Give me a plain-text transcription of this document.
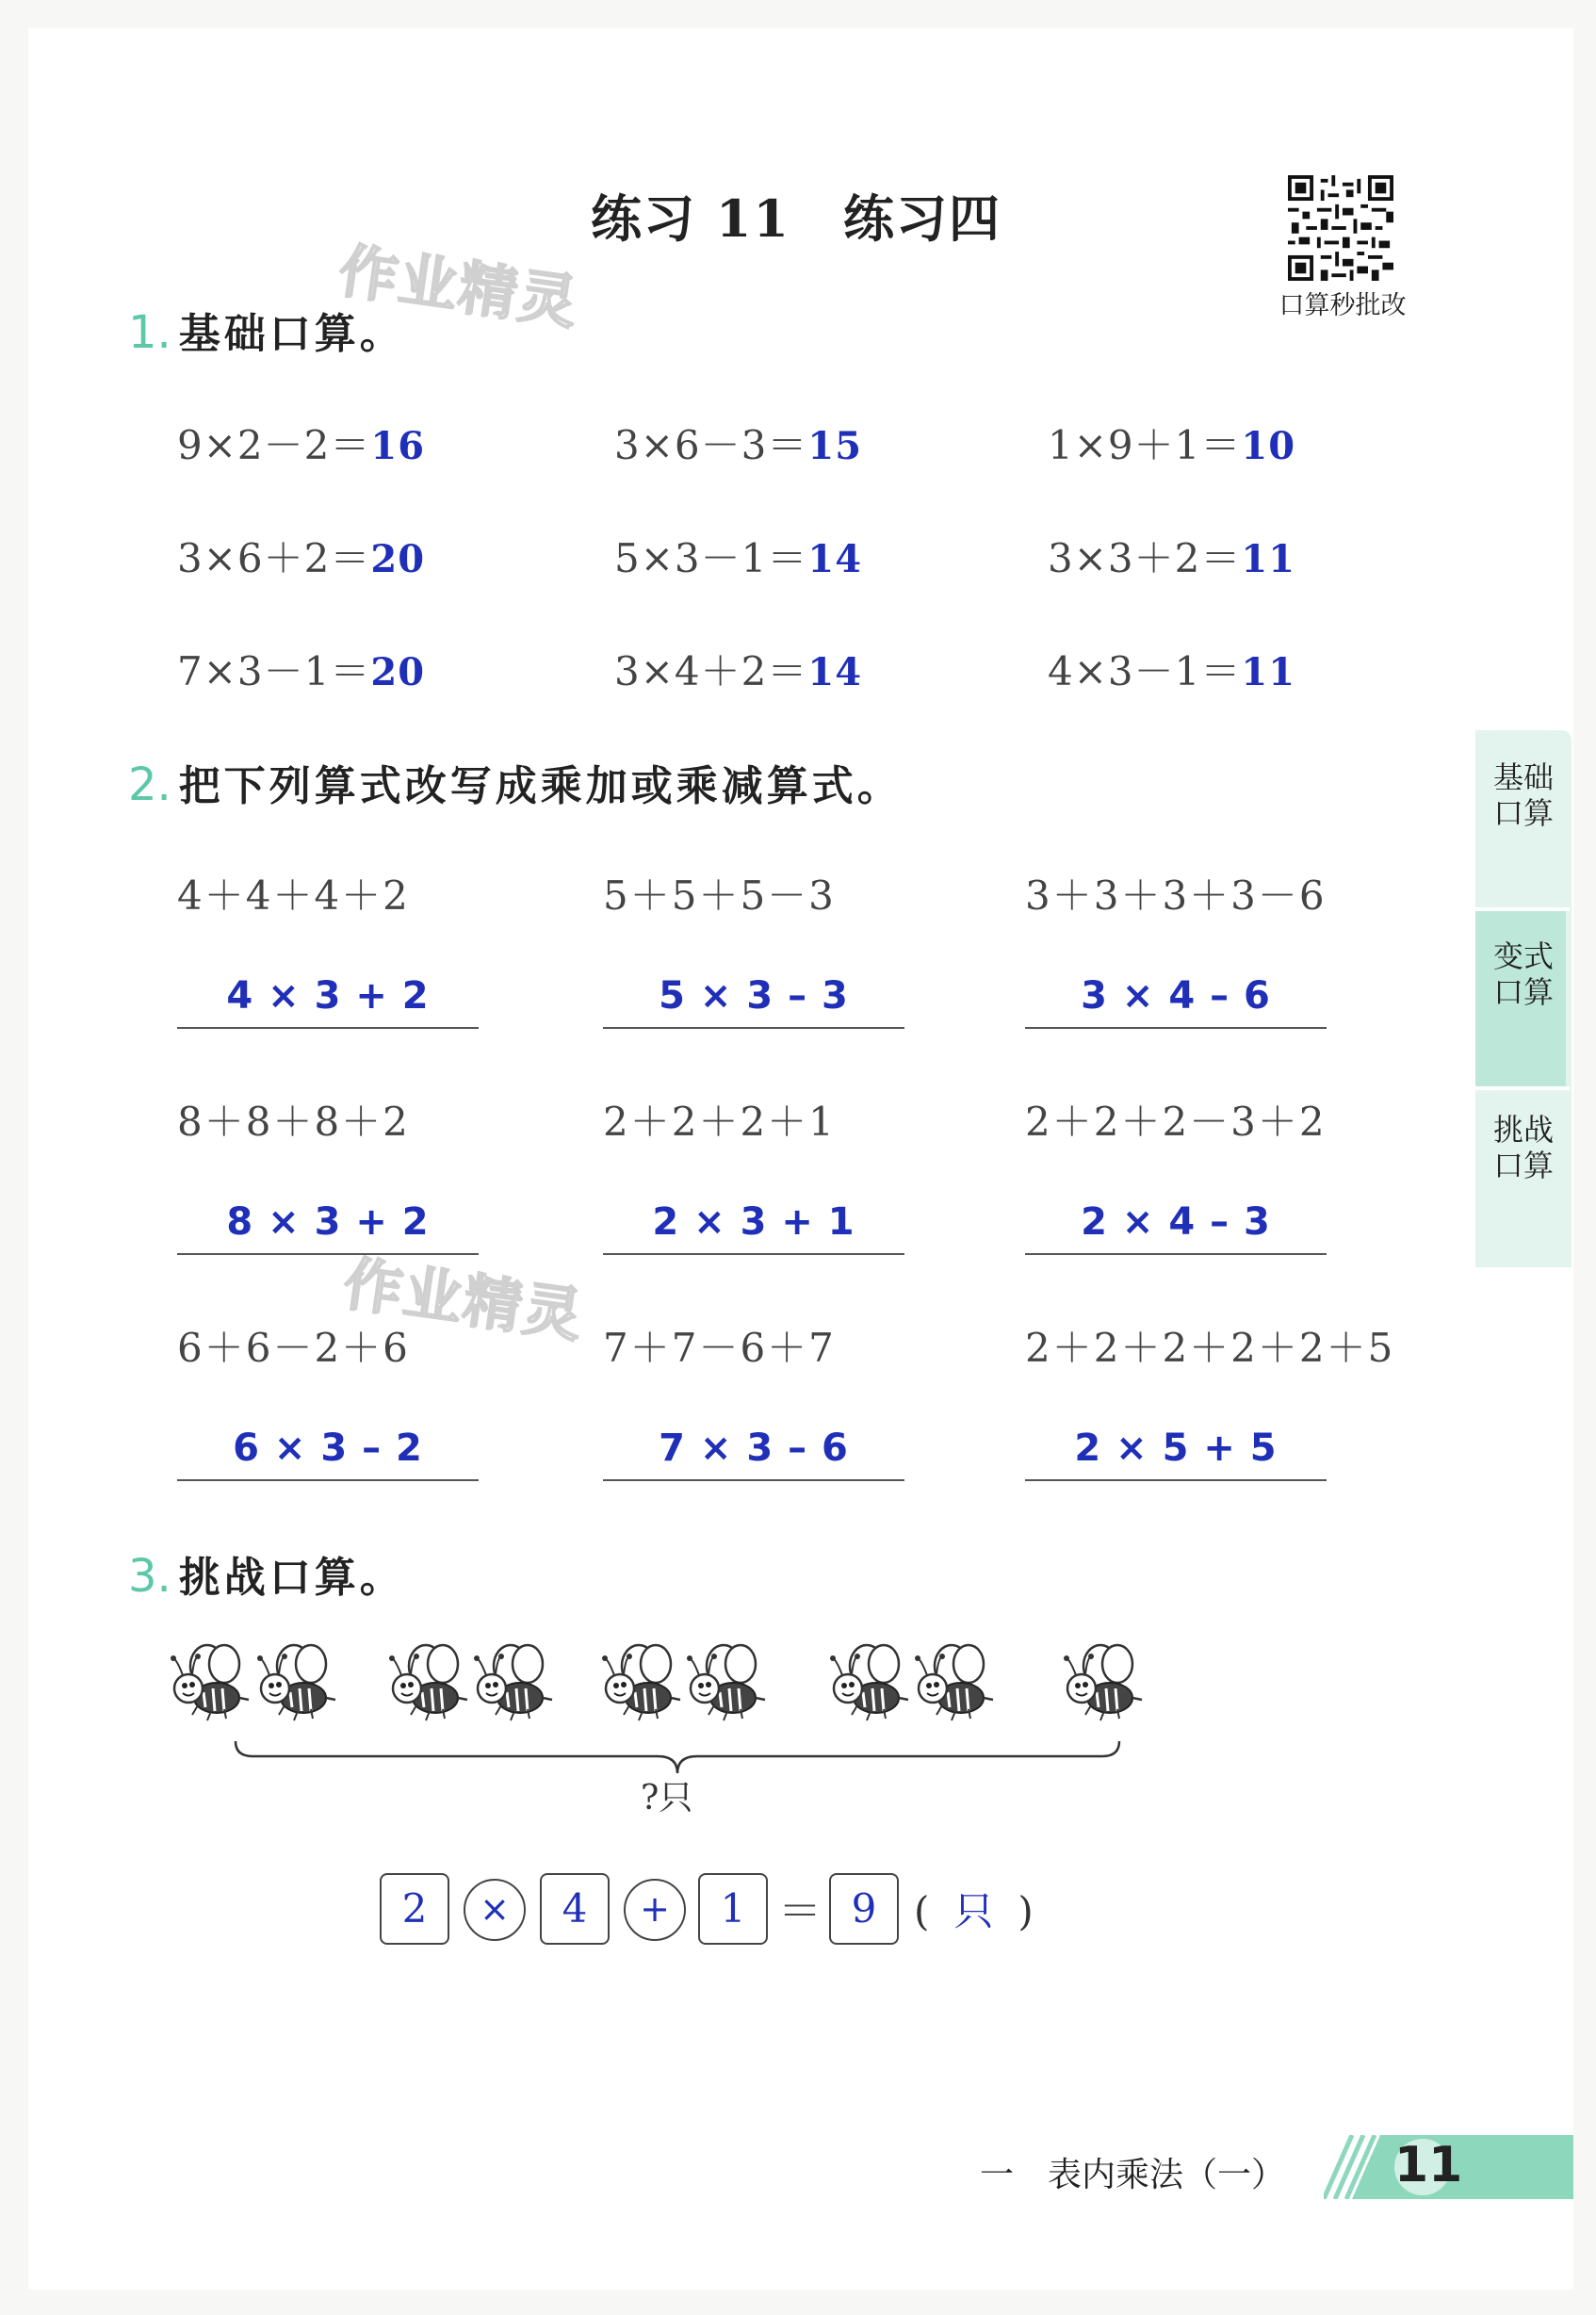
练习 11　练习四
口算秒批改
作业精灵
作业精灵
1. 基础口算。
9×2－2＝16	3×6－3＝15	1×9＋1＝10
3×6＋2＝20	5×3－1＝14	3×3＋2＝11
7×3－1＝20	3×4＋2＝14	4×3－1＝11
2. 把下列算式改写成乘加或乘减算式。
4＋4＋4＋2	5＋5＋5－3	3＋3＋3＋3－6
4 × 3 + 2	5 × 3 – 3	3 × 4 – 6
8＋8＋8＋2	2＋2＋2＋1	2＋2＋2－3＋2
8 × 3 + 2	2 × 3 + 1	2 × 4 – 3
6＋6－2＋6	7＋7－6＋7	2＋2＋2＋2＋2＋5
6 × 3 – 2	7 × 3 – 6	2 × 5 + 5
3. 挑战口算。
?只
2	×	4	+	1 ＝ 9 ( 只 )
基础口算
变式口算
挑战口算
一　表内乘法（一） 11
